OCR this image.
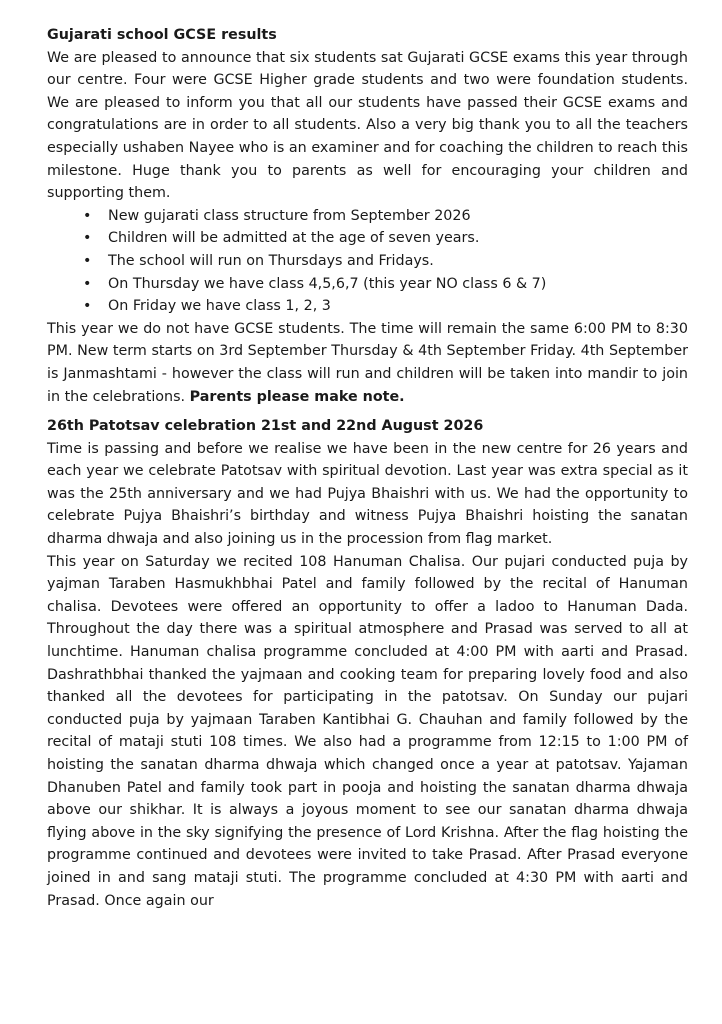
Gujarati school GCSE results

We are pleased to announce that six students sat Gujarati GCSE exams this year through our centre. Four were GCSE Higher grade students and two were foundation students. We are pleased to inform you that all our students have passed their GCSE exams and congratulations are in order to all students. Also a very big thank you to all the teachers especially ushaben Nayee who is an examiner and for coaching the children to reach this milestone. Huge thank you to parents as well for encouraging your children and supporting them.

• New gujarati class structure from September 2026
• Children will be admitted at the age of seven years.
• The school will run on Thursdays and Fridays.
• On Thursday we have class 4,5,6,7 (this year NO class 6 & 7)
• On Friday we have class 1, 2, 3

This year we do not have GCSE students. The time will remain the same 6:00 PM to 8:30 PM. New term starts on 3rd September Thursday & 4th September Friday. 4th September is Janmashtami - however the class will run and children will be taken into mandir to join in the celebrations. Parents please make note.

26th Patotsav celebration 21st and 22nd August 2026

Time is passing and before we realise we have been in the new centre for 26 years and each year we celebrate Patotsav with spiritual devotion. Last year was extra special as it was the 25th anniversary and we had Pujya Bhaishri with us. We had the opportunity to celebrate Pujya Bhaishri’s birthday and witness Pujya Bhaishri hoisting the sanatan dharma dhwaja and also joining us in the procession from flag market.

This year on Saturday we recited 108 Hanuman Chalisa. Our pujari conducted puja by yajman Taraben Hasmukhbhai Patel and family followed by the recital of Hanuman chalisa. Devotees were offered an opportunity to offer a ladoo to Hanuman Dada. Throughout the day there was a spiritual atmosphere and Prasad was served to all at lunchtime. Hanuman chalisa programme concluded at 4:00 PM with aarti and Prasad. Dashrathbhai thanked the yajmaan and cooking team for preparing lovely food and also thanked all the devotees for participating in the patotsav. On Sunday our pujari conducted puja by yajmaan Taraben Kantibhai G. Chauhan and family followed by the recital of mataji stuti 108 times. We also had a programme from 12:15 to 1:00 PM of hoisting the sanatan dharma dhwaja which changed once a year at patotsav. Yajaman Dhanuben Patel and family took part in pooja and hoisting the sanatan dharma dhwaja above our shikhar. It is always a joyous moment to see our sanatan dharma dhwaja flying above in the sky signifying the presence of Lord Krishna. After the flag hoisting the programme continued and devotees were invited to take Prasad. After Prasad everyone joined in and sang mataji stuti. The programme concluded at 4:30 PM with aarti and Prasad. Once again our
